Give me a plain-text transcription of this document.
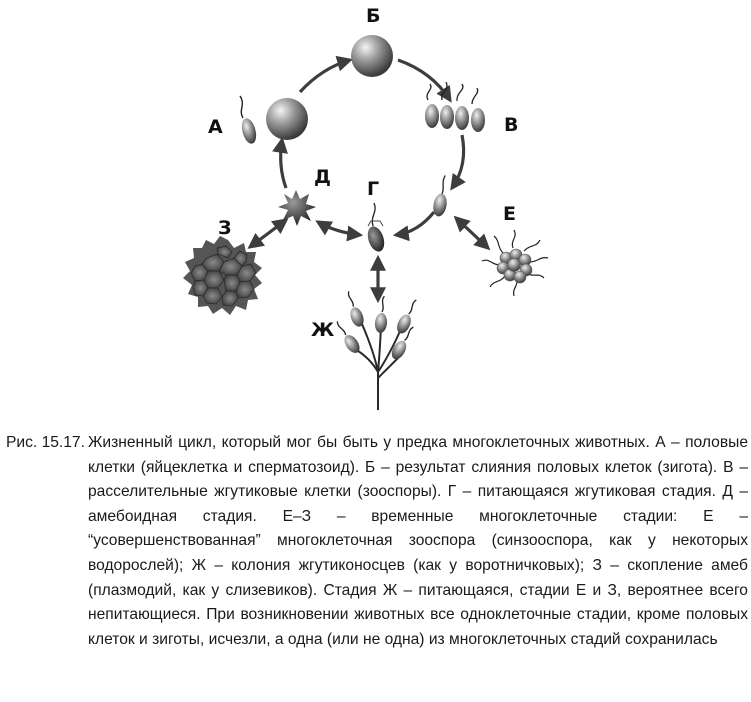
А
Б
В
Д
Г
Е
З
Ж
Рис. 15.17. Жизненный цикл, который мог бы быть у предка многоклеточных животных. А – половые клетки (яйцеклетка и сперматозоид). Б – результат слияния половых клеток (зигота). В – расселительные жгутиковые клетки (зооспоры). Г – питающаяся жгутиковая стадия. Д – амебоидная стадия. Е–З – временные многоклеточные стадии: Е – “усовершенствованная” многоклеточная зооспора (синзооспора, как у некоторых водорослей); Ж – колония жгутиконосцев (как у воротничковых); З – скопление амеб (плазмодий, как у слизевиков). Стадия Ж – питающаяся, стадии Е и З, вероятнее всего непитающиеся. При возникновении животных все одноклеточные стадии, кроме половых клеток и зиготы, исчезли, а одна (или не одна) из многоклеточных стадий сохранилась
